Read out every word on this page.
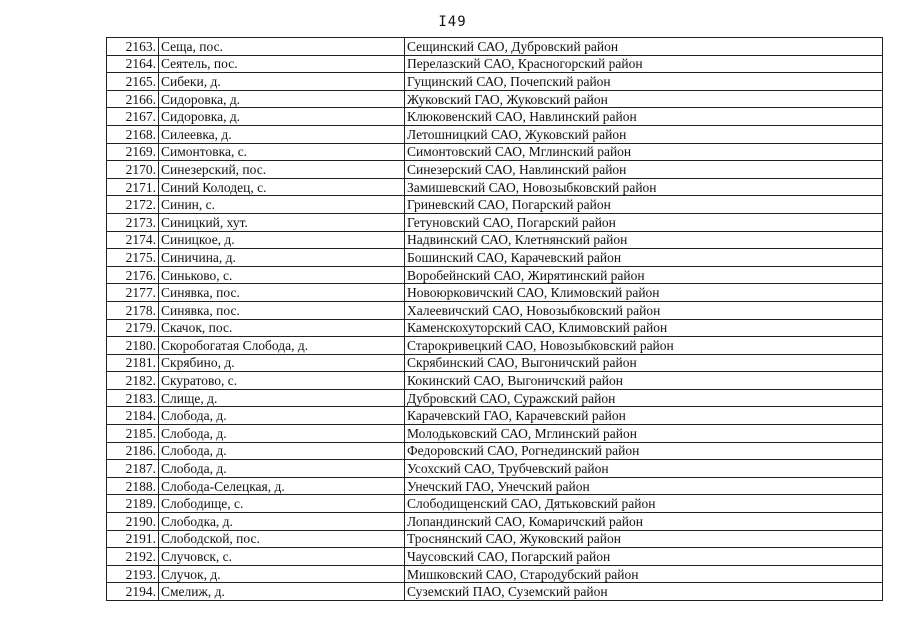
I49
2163.	Сеща, пос.	Сещинский САО, Дубровский район
2164.	Сеятель, пос.	Перелазский САО, Красногорский район
2165.	Сибеки, д.	Гущинский САО, Почепский район
2166.	Сидоровка, д.	Жуковский ГАО, Жуковский район
2167.	Сидоровка, д.	Клюковенский САО, Навлинский район
2168.	Силеевка, д.	Летошницкий САО, Жуковский район
2169.	Симонтовка, с.	Симонтовский САО, Мглинский район
2170.	Синезерский, пос.	Синезерский САО, Навлинский район
2171.	Синий Колодец, с.	Замишевский САО, Новозыбковский район
2172.	Синин, с.	Гриневский САО, Погарский район
2173.	Синицкий, хут.	Гетуновский САО, Погарский район
2174.	Синицкое, д.	Надвинский САО, Клетнянский район
2175.	Синичина, д.	Бошинский САО, Карачевский район
2176.	Синьково, с.	Воробейнский САО, Жирятинский район
2177.	Синявка, пос.	Новоюрковичский САО, Климовский район
2178.	Синявка, пос.	Халеевичский САО, Новозыбковский район
2179.	Скачок, пос.	Каменскохуторский САО, Климовский район
2180.	Скоробогатая Слобода, д.	Старокривецкий САО, Новозыбковский район
2181.	Скрябино, д.	Скрябинский САО, Выгоничский район
2182.	Скуратово, с.	Кокинский САО, Выгоничский район
2183.	Слище, д.	Дубровский САО, Суражский район
2184.	Слобода, д.	Карачевский ГАО, Карачевский район
2185.	Слобода, д.	Молодьковский САО, Мглинский район
2186.	Слобода, д.	Федоровский САО, Рогнединский район
2187.	Слобода, д.	Усохский САО, Трубчевский район
2188.	Слобода-Селецкая, д.	Унечский ГАО, Унечский район
2189.	Слободище, с.	Слободищенский САО, Дятьковский район
2190.	Слободка, д.	Лопандинский САО, Комаричский район
2191.	Слободской, пос.	Троснянский САО, Жуковский район
2192.	Случовск, с.	Чаусовский САО, Погарский район
2193.	Случок, д.	Мишковский САО, Стародубский район
2194.	Смелиж, д.	Суземский ПАО, Суземский район
